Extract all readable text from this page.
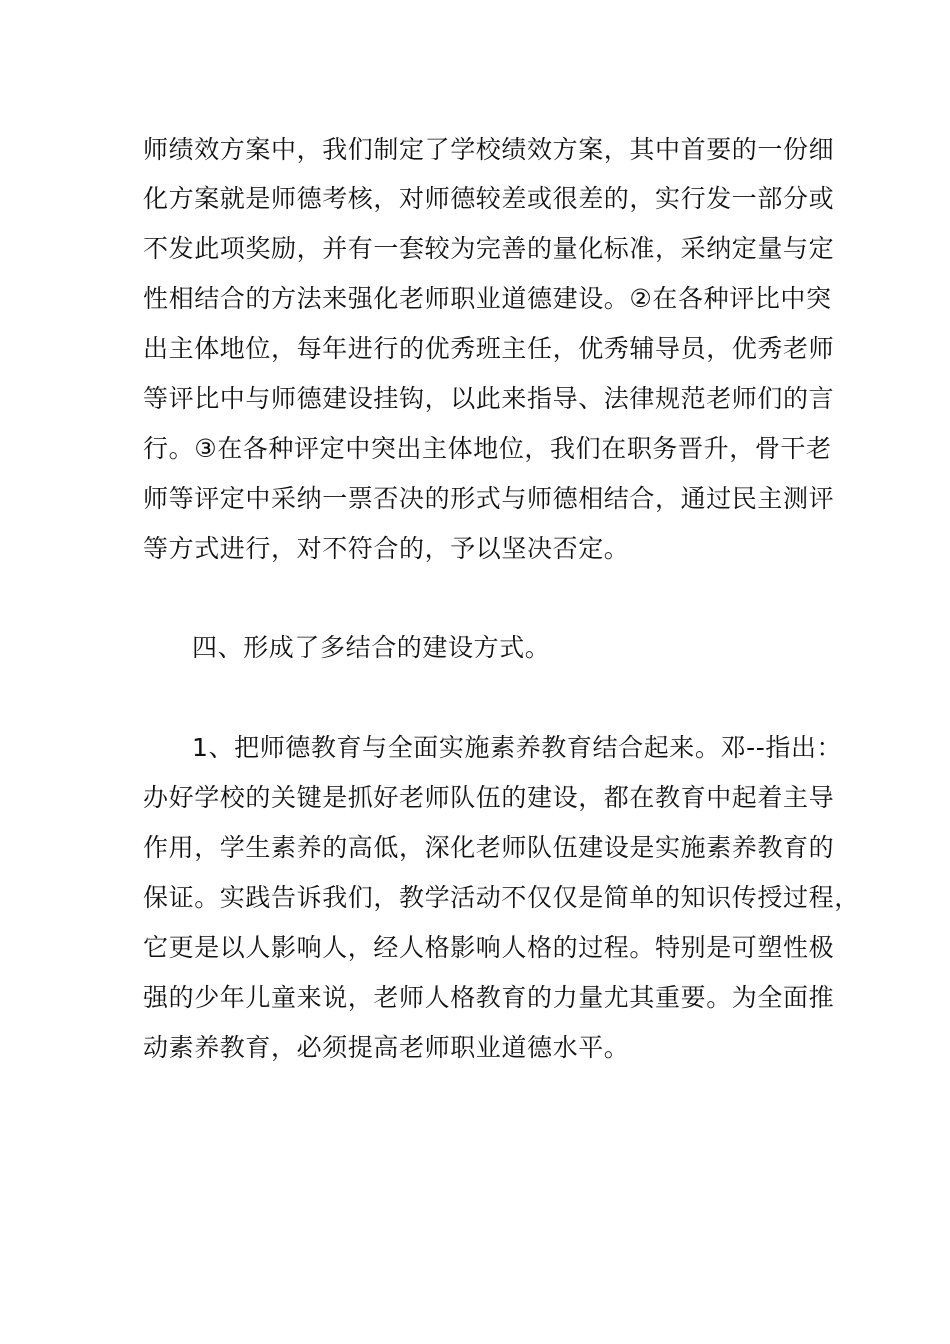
师绩效方案中，我们制定了学校绩效方案，其中首要的一份细
化方案就是师德考核，对师德较差或很差的，实行发一部分或
不发此项奖励，并有一套较为完善的量化标准，采纳定量与定
性相结合的方法来强化老师职业道德建设。②在各种评比中突
出主体地位，每年进行的优秀班主任，优秀辅导员，优秀老师
等评比中与师德建设挂钩，以此来指导、法律规范老师们的言
行。③在各种评定中突出主体地位，我们在职务晋升，骨干老
师等评定中采纳一票否决的形式与师德相结合，通过民主测评
等方式进行，对不符合的，予以坚决否定。
四、形成了多结合的建设方式。
1、把师德教育与全面实施素养教育结合起来。邓--指出：
办好学校的关键是抓好老师队伍的建设，都在教育中起着主导
作用，学生素养的高低，深化老师队伍建设是实施素养教育的
保证。实践告诉我们，教学活动不仅仅是简单的知识传授过程，
它更是以人影响人，经人格影响人格的过程。特别是可塑性极
强的少年儿童来说，老师人格教育的力量尤其重要。为全面推
动素养教育，必须提高老师职业道德水平。
